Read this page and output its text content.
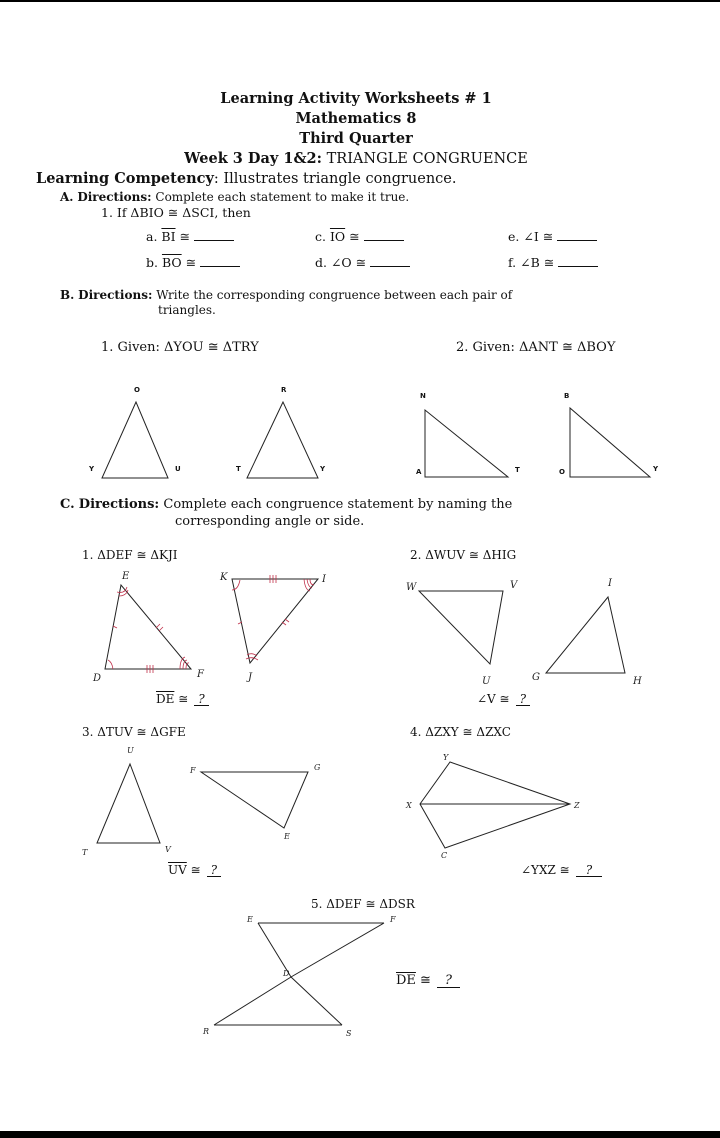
Learning Activity Worksheets # 1
Mathematics 8
Third Quarter
Week 3 Day 1&2: TRIANGLE CONGRUENCE
Learning Competency: Illustrates triangle congruence.
A. Directions: Complete each statement to make it true.
1. If ΔBIO ≅ ΔSCI, then
a. $\overline{BI}$ ≅	c. $\overline{IO}$ ≅	e. ∠I ≅
b. $\overline{BO}$ ≅	d. ∠O ≅	f. ∠B ≅
B. Directions: Write the corresponding congruence between each pair of
triangles.
1. Given: ΔYOU ≅ ΔTRY	2. Given: ΔANT ≅ ΔBOY
C. Directions: Complete each congruence statement by naming the
corresponding angle or side.
1. ΔDEF ≅ ΔKJI	2. ΔWUV ≅ ΔHIG
$\overline{DE}$ ≅ ?	∠V ≅ ?
3. ΔTUV ≅ ΔGFE	4. ΔZXY ≅ ΔZXC
$\overline{UV}$ ≅ ?	∠YXZ ≅ ?
5. ΔDEF ≅ ΔDSR
$\overline{DE}$ ≅ ?
O
Y	U
R
T	Y
N
A	T
B
O	Y
E
D	F
K	I
J
W	V
U
I
G	H
U
T	V
F	G
E
Y
X	Z
C
E	F
D
R	S
